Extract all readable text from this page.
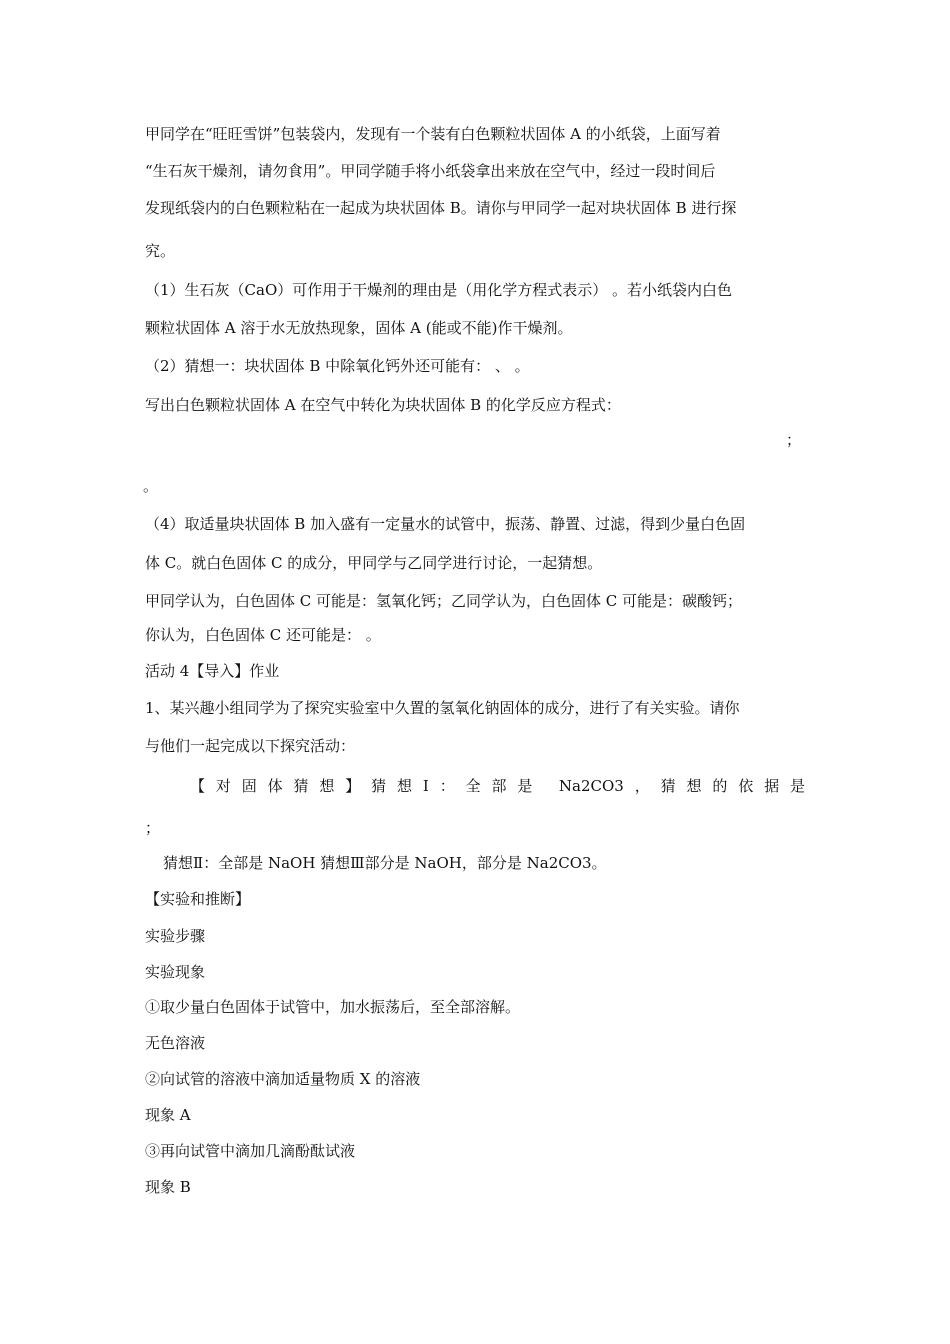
甲同学在“旺旺雪饼”包装袋内，发现有一个装有白色颗粒状固体 A 的小纸袋，上面写着
“生石灰干燥剂，请勿食用”。甲同学随手将小纸袋拿出来放在空气中，经过一段时间后
发现纸袋内的白色颗粒粘在一起成为块状固体 B。请你与甲同学一起对块状固体 B 进行探
究。
（1）生石灰（CaO）可作用于干燥剂的理由是（用化学方程式表示） 。若小纸袋内白色
颗粒状固体 A 溶于水无放热现象，固体 A (能或不能)作干燥剂。
（2）猜想一：块状固体 B 中除氧化钙外还可能有： 、 。
写出白色颗粒状固体 A 在空气中转化为块状固体 B 的化学反应方程式：
；
。
（4）取适量块状固体 B 加入盛有一定量水的试管中，振荡、静置、过滤，得到少量白色固
体 C。就白色固体 C 的成分，甲同学与乙同学进行讨论，一起猜想。
甲同学认为，白色固体 C 可能是：氢氧化钙；乙同学认为，白色固体 C 可能是：碳酸钙；
你认为，白色固体 C 还可能是： 。
活动 4【导入】作业
1、某兴趣小组同学为了探究实验室中久置的氢氧化钠固体的成分，进行了有关实验。请你
与他们一起完成以下探究活动：
【对固体猜想】猜想Ⅰ：全部是 Na2CO3，猜想的依据是
；
猜想Ⅱ：全部是 NaOH 猜想Ⅲ部分是 NaOH，部分是 Na2CO3。
【实验和推断】
实验步骤
实验现象
①取少量白色固体于试管中，加水振荡后，至全部溶解。
无色溶液
②向试管的溶液中滴加适量物质 X 的溶液
现象 A
③再向试管中滴加几滴酚酞试液
现象 B
